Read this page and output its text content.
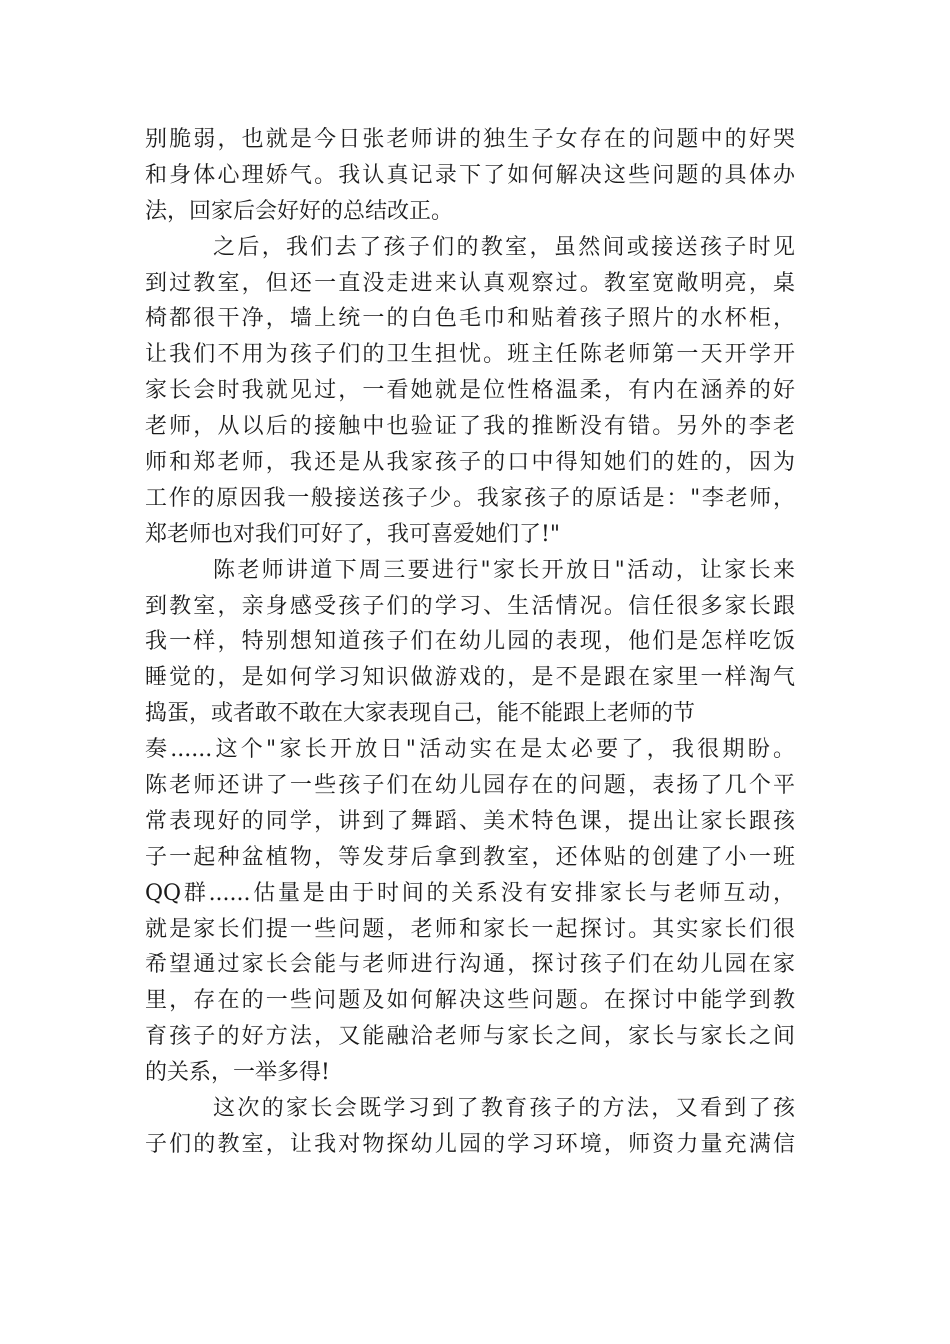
别脆弱，也就是今日张老师讲的独生子女存在的问题中的好哭
和身体心理娇气。我认真记录下了如何解决这些问题的具体办
法，回家后会好好的总结改正。
之后，我们去了孩子们的教室，虽然间或接送孩子时见
到过教室，但还一直没走进来认真观察过。教室宽敞明亮，桌
椅都很干净，墙上统一的白色毛巾和贴着孩子照片的水杯柜，
让我们不用为孩子们的卫生担忧。班主任陈老师第一天开学开
家长会时我就见过，一看她就是位性格温柔，有内在涵养的好
老师，从以后的接触中也验证了我的推断没有错。另外的李老
师和郑老师，我还是从我家孩子的口中得知她们的姓的，因为
工作的原因我一般接送孩子少。我家孩子的原话是："李老师，
郑老师也对我们可好了，我可喜爱她们了!"
陈老师讲道下周三要进行"家长开放日"活动，让家长来
到教室，亲身感受孩子们的学习、生活情况。信任很多家长跟
我一样，特别想知道孩子们在幼儿园的表现，他们是怎样吃饭
睡觉的，是如何学习知识做游戏的，是不是跟在家里一样淘气
捣蛋，或者敢不敢在大家表现自己，能不能跟上老师的节
奏......这个"家长开放日"活动实在是太必要了，我很期盼。
陈老师还讲了一些孩子们在幼儿园存在的问题，表扬了几个平
常表现好的同学，讲到了舞蹈、美术特色课，提出让家长跟孩
子一起种盆植物，等发芽后拿到教室，还体贴的创建了小一班
QQ群......估量是由于时间的关系没有安排家长与老师互动，
就是家长们提一些问题，老师和家长一起探讨。其实家长们很
希望通过家长会能与老师进行沟通，探讨孩子们在幼儿园在家
里，存在的一些问题及如何解决这些问题。在探讨中能学到教
育孩子的好方法，又能融洽老师与家长之间，家长与家长之间
的关系，一举多得!
这次的家长会既学习到了教育孩子的方法，又看到了孩
子们的教室，让我对物探幼儿园的学习环境，师资力量充满信
